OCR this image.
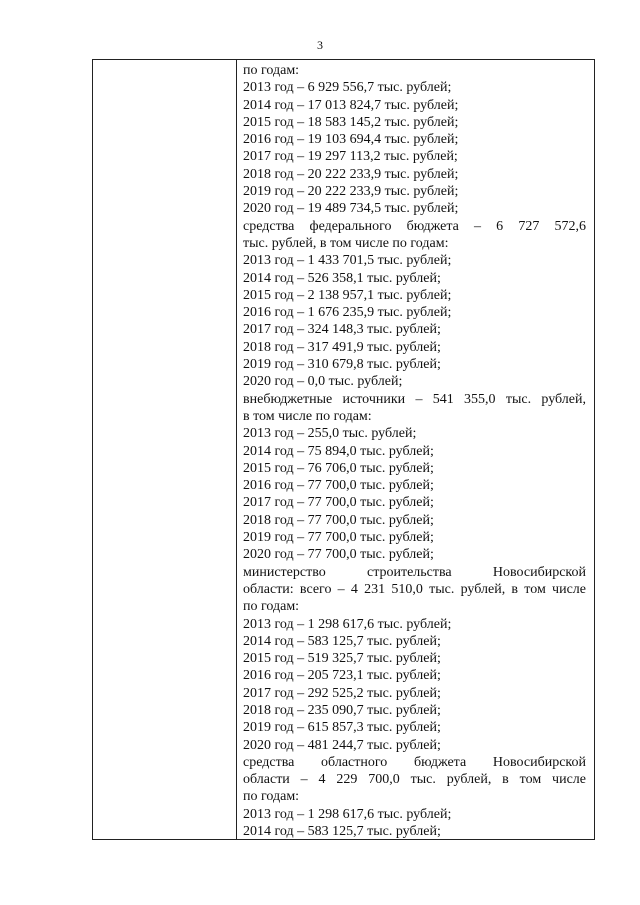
3
по годам:
2013 год – 6 929 556,7 тыс. рублей;
2014 год – 17 013 824,7 тыс. рублей;
2015 год – 18 583 145,2 тыс. рублей;
2016 год – 19 103 694,4 тыс. рублей;
2017 год – 19 297 113,2 тыс. рублей;
2018 год – 20 222 233,9 тыс. рублей;
2019 год – 20 222 233,9 тыс. рублей;
2020 год – 19 489 734,5 тыс. рублей;
средства федерального бюджета – 6 727 572,6
тыс. рублей, в том числе по годам:
2013 год – 1 433 701,5 тыс. рублей;
2014 год – 526 358,1 тыс. рублей;
2015 год – 2 138 957,1 тыс. рублей;
2016 год – 1 676 235,9 тыс. рублей;
2017 год – 324 148,3 тыс. рублей;
2018 год – 317 491,9 тыс. рублей;
2019 год – 310 679,8 тыс. рублей;
2020 год – 0,0 тыс. рублей;
внебюджетные источники – 541 355,0 тыс. рублей,
в том числе по годам:
2013 год – 255,0 тыс. рублей;
2014 год – 75 894,0 тыс. рублей;
2015 год – 76 706,0 тыс. рублей;
2016 год – 77 700,0 тыс. рублей;
2017 год – 77 700,0 тыс. рублей;
2018 год – 77 700,0 тыс. рублей;
2019 год – 77 700,0 тыс. рублей;
2020 год – 77 700,0 тыс. рублей;
министерство строительства Новосибирской
области: всего – 4 231 510,0 тыс. рублей, в том числе
по годам:
2013 год – 1 298 617,6 тыс. рублей;
2014 год – 583 125,7 тыс. рублей;
2015 год – 519 325,7 тыс. рублей;
2016 год – 205 723,1 тыс. рублей;
2017 год – 292 525,2 тыс. рублей;
2018 год – 235 090,7 тыс. рублей;
2019 год – 615 857,3 тыс. рублей;
2020 год – 481 244,7 тыс. рублей;
средства областного бюджета Новосибирской
области – 4 229 700,0 тыс. рублей, в том числе
по годам:
2013 год – 1 298 617,6 тыс. рублей;
2014 год – 583 125,7 тыс. рублей;
